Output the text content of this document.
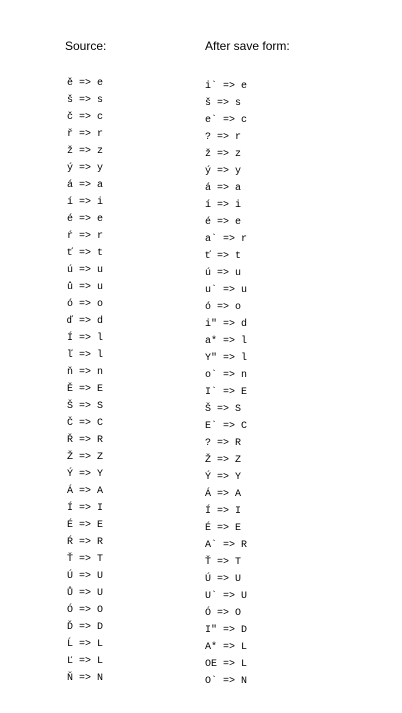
Source:	After save form:
ě => e
š => s
č => c
ř => r
ž => z
ý => y
á => a
í => i
é => e
ŕ => r
ť => t
ú => u
ů => u
ó => o
ď => d
Í => l
ľ => l
ň => n
Ě => E
Š => S
Č => C
Ř => R
Ž => Z
Ý => Y
Á => A
Í => I
É => E
Ŕ => R
Ť => T
Ú => U
Ů => U
Ó => O
Ď => D
Ĺ => L
Ľ => L
Ň => N
i` => e
š => s
e` => c
? => r
ž => z
ý => y
á => a
í => i
é => e
a` => r
ť => t
ú => u
u` => u
ó => o
i" => d
a* => l
Y" => l
o` => n
I` => E
Š => S
E` => C
? => R
Ž => Z
Ý => Y
Á => A
Í => I
É => E
A` => R
Ť => T
Ú => U
U` => U
Ó => O
I" => D
A* => L
OE => L
O` => N
